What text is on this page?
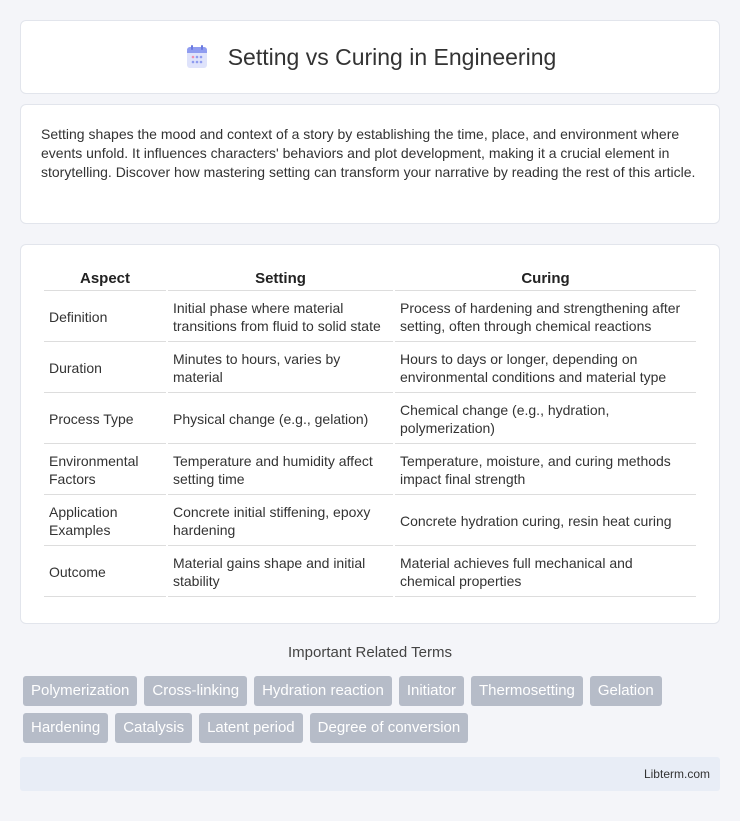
Setting vs Curing in Engineering

Setting shapes the mood and context of a story by establishing the time, place, and environment where events unfold. It influences characters' behaviors and plot development, making it a crucial element in storytelling. Discover how mastering setting can transform your narrative by reading the rest of this article.

Aspect	Setting	Curing
Definition	Initial phase where material transitions from fluid to solid state	Process of hardening and strengthening after setting, often through chemical reactions
Duration	Minutes to hours, varies by material	Hours to days or longer, depending on environmental conditions and material type
Process Type	Physical change (e.g., gelation)	Chemical change (e.g., hydration, polymerization)
Environmental Factors	Temperature and humidity affect setting time	Temperature, moisture, and curing methods impact final strength
Application Examples	Concrete initial stiffening, epoxy hardening	Concrete hydration curing, resin heat curing
Outcome	Material gains shape and initial stability	Material achieves full mechanical and chemical properties
Important Related Terms
Polymerization	Cross-linking	Hydration reaction	Initiator	Thermosetting	Gelation
Hardening	Catalysis	Latent period	Degree of conversion
Libterm.com
